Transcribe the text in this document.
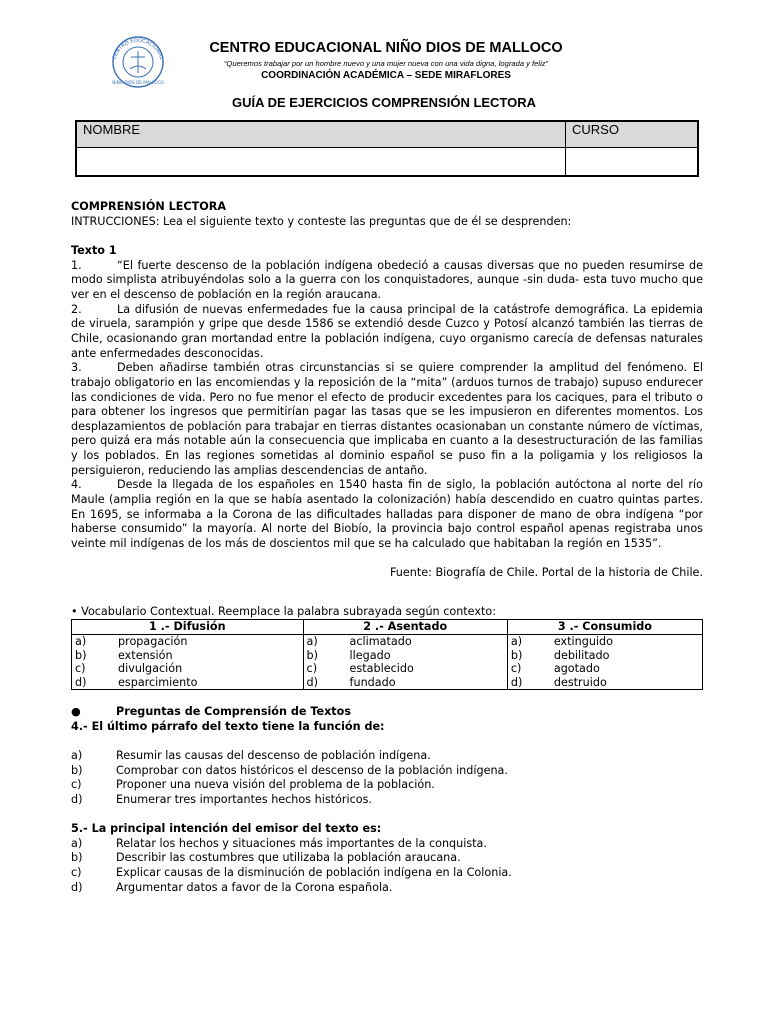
CENTRO EDUCACIONAL
NIÑO DIOS DE MALLOCO
CENTRO EDUCACIONAL NIÑO DIOS DE MALLOCO
“Queremos trabajar por un hombre nuevo y una mujer nueva con una vida digna, lograda y feliz”
COORDINACIÓN ACADÉMICA – SEDE MIRAFLORES
GUÍA DE EJERCICIOS COMPRENSIÓN LECTORA
NOMBRE	CURSO

COMPRENSIÓN LECTORA

INTRUCCIONES: Lea el siguiente texto y conteste las preguntas que de él se desprenden:

Texto 1

1.	“El fuerte descenso de la población indígena obedeció a causas diversas que no pueden resumirse de modo simplista atribuyéndolas solo a la guerra con los conquistadores, aunque -sin duda- esta tuvo mucho que ver en el descenso de población en la región araucana.

2.	La difusión de nuevas enfermedades fue la causa principal de la catástrofe demográfica. La epidemia de viruela, sarampión y gripe que desde 1586 se extendió desde Cuzco y Potosí alcanzó también las tierras de Chile, ocasionando gran mortandad entre la población indígena, cuyo organismo carecía de defensas naturales ante enfermedades desconocidas.

3.	Deben añadirse también otras circunstancias si se quiere comprender la amplitud del fenómeno. El trabajo obligatorio en las encomiendas y la reposición de la “mita” (arduos turnos de trabajo) supuso endurecer las condiciones de vida. Pero no fue menor el efecto de producir excedentes para los caciques, para el tributo o para obtener los ingresos que permitirían pagar las tasas que se les impusieron en diferentes momentos. Los desplazamientos de población para trabajar en tierras distantes ocasionaban un constante número de víctimas, pero quizá era más notable aún la consecuencia que implicaba en cuanto a la desestructuración de las familias y los poblados. En las regiones sometidas al dominio español se puso fin a la poligamia y los religiosos la persiguieron, reduciendo las amplias descendencias de antaño.

4.	Desde la llegada de los españoles en 1540 hasta fin de siglo, la población autóctona al norte del río Maule (amplia región en la que se había asentado la colonización) había descendido en cuatro quintas partes. En 1695, se informaba a la Corona de las dificultades halladas para disponer de mano de obra indígena “por haberse consumido” la mayoría. Al norte del Biobío, la provincia bajo control español apenas registraba unos veinte mil indígenas de los más de doscientos mil que se ha calculado que habitaban la región en 1535”.

Fuente: Biografía de Chile. Portal de la historia de Chile.

• Vocabulario Contextual. Reemplace la palabra subrayada según contexto:

1 .- Difusión	2 .- Asentado	3 .- Consumido
a) propagación	a) aclimatado	a) extinguido
b) extensión	b) llegado	b) debilitado
c) divulgación	c) establecido	c) agotado
d) esparcimiento	d) fundado	d) destruido

●	Preguntas de Comprensión de Textos

4.- El último párrafo del texto tiene la función de:

a)	Resumir las causas del descenso de población indígena.

b)	Comprobar con datos históricos el descenso de la población indígena.

c)	Proponer una nueva visión del problema de la población.

d)	Enumerar tres importantes hechos históricos.

5.- La principal intención del emisor del texto es:

a)	Relatar los hechos y situaciones más importantes de la conquista.

b)	Describir las costumbres que utilizaba la población araucana.

c)	Explicar causas de la disminución de población indígena en la Colonia.

d)	Argumentar datos a favor de la Corona española.
